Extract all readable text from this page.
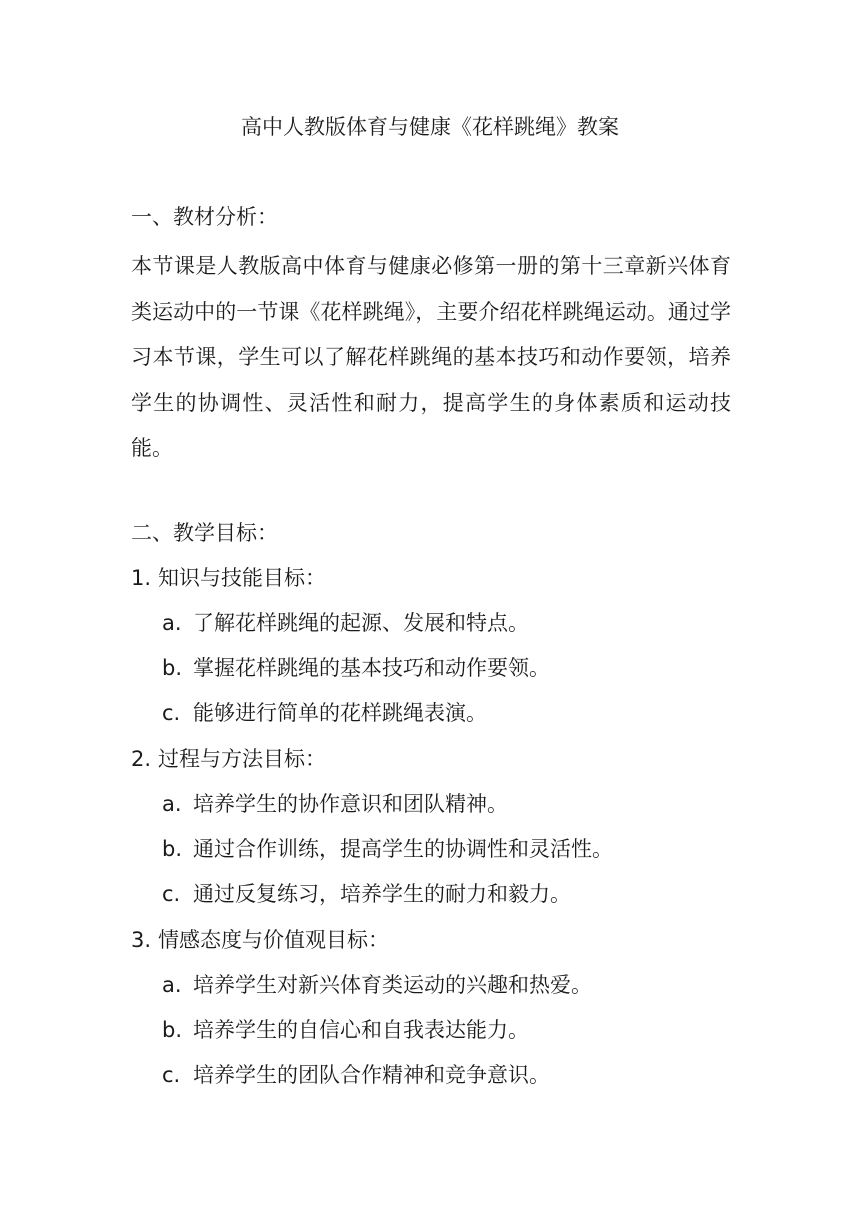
高中人教版体育与健康《花样跳绳》教案
一、教材分析：
本节课是人教版高中体育与健康必修第一册的第十三章新兴体育类运动中的一节课《花样跳绳》，主要介绍花样跳绳运动。通过学习本节课，学生可以了解花样跳绳的基本技巧和动作要领，培养学生的协调性、灵活性和耐力，提高学生的身体素质和运动技能。
二、教学目标：
1. 知识与技能目标：
a. 了解花样跳绳的起源、发展和特点。
b. 掌握花样跳绳的基本技巧和动作要领。
c. 能够进行简单的花样跳绳表演。
2. 过程与方法目标：
a. 培养学生的协作意识和团队精神。
b. 通过合作训练，提高学生的协调性和灵活性。
c. 通过反复练习，培养学生的耐力和毅力。
3. 情感态度与价值观目标：
a. 培养学生对新兴体育类运动的兴趣和热爱。
b. 培养学生的自信心和自我表达能力。
c. 培养学生的团队合作精神和竞争意识。
